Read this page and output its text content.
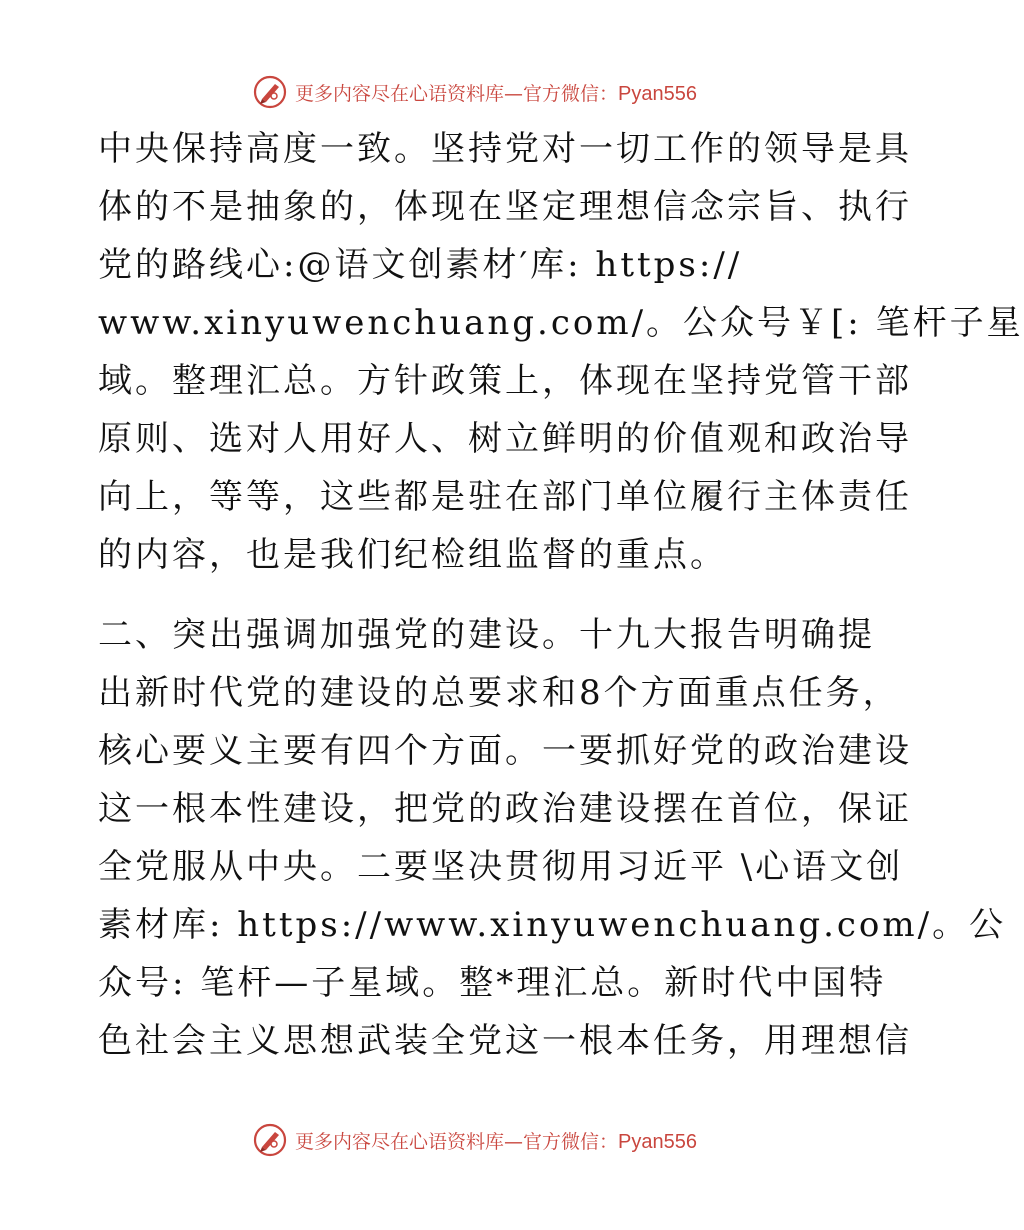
更多内容尽在心语资料库—官方微信：Pyan556
中央保持高度一致。坚持党对一切工作的领导是具
体的不是抽象的，体现在坚定理想信念宗旨、执行
党的路线心:@语文创素材′库: https://
www.xinyuwenchuang.com/。公众号￥[: 笔杆子星
域。整理汇总。方针政策上，体现在坚持党管干部
原则、选对人用好人、树立鲜明的价值观和政治导
向上，等等，这些都是驻在部门单位履行主体责任
的内容，也是我们纪检组监督的重点。
二、突出强调加强党的建设。十九大报告明确提
出新时代党的建设的总要求和8个方面重点任务，
核心要义主要有四个方面。一要抓好党的政治建设
这一根本性建设，把党的政治建设摆在首位，保证
全党服从中央。二要坚决贯彻用习近平 \心语文创
素材库: https://www.xinyuwenchuang.com/。公
众号: 笔杆—子星域。整*理汇总。新时代中国特
色社会主义思想武装全党这一根本任务，用理想信
更多内容尽在心语资料库—官方微信：Pyan556
